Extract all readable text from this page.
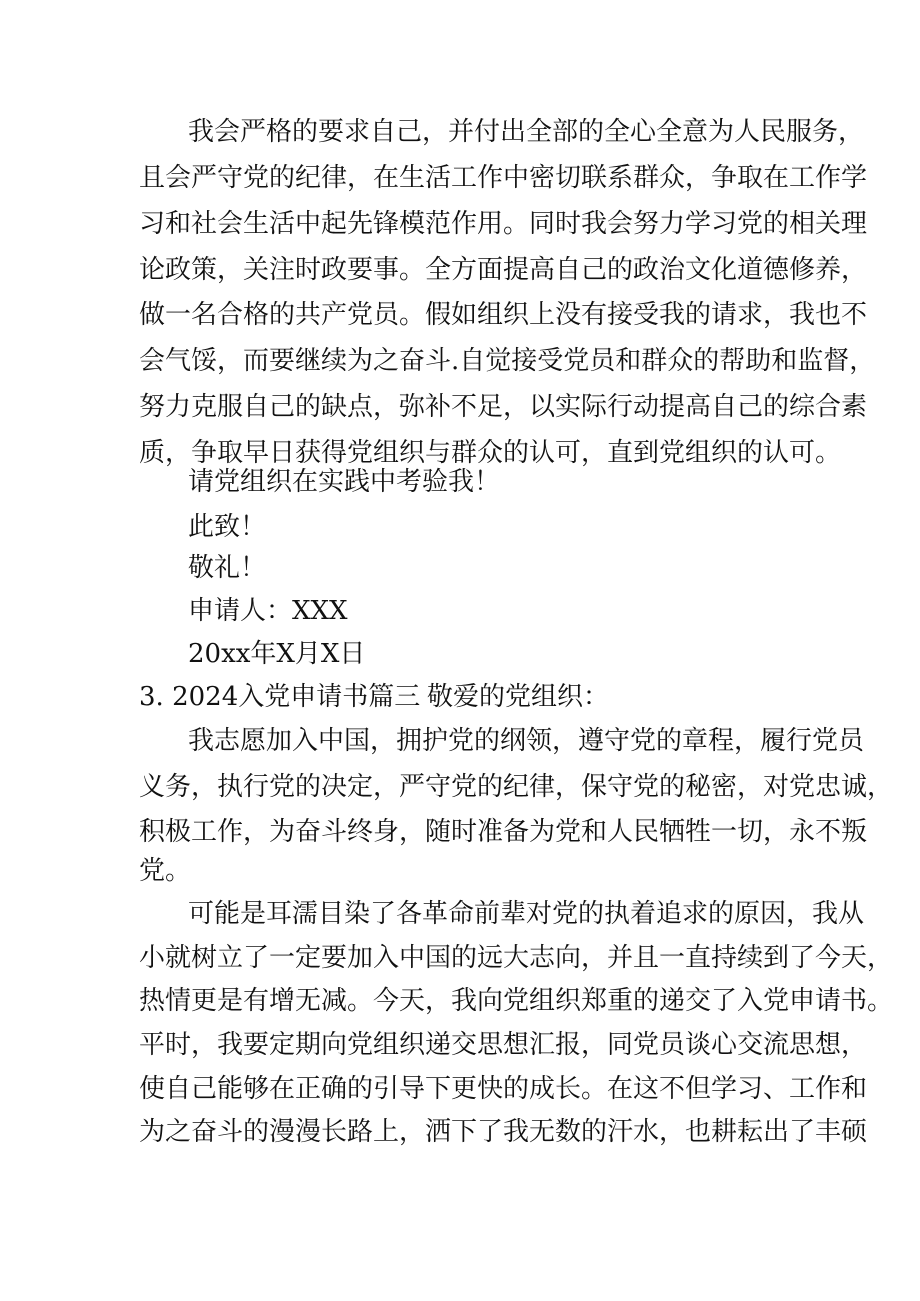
我会严格的要求自己，并付出全部的全心全意为人民服务，
且会严守党的纪律，在生活工作中密切联系群众，争取在工作学
习和社会生活中起先锋模范作用。同时我会努力学习党的相关理
论政策，关注时政要事。全方面提高自己的政治文化道德修养，
做一名合格的共产党员。假如组织上没有接受我的请求，我也不
会气馁，而要继续为之奋斗.自觉接受党员和群众的帮助和监督，
努力克服自己的缺点，弥补不足，以实际行动提高自己的综合素
质，争取早日获得党组织与群众的认可，直到党组织的认可。
请党组织在实践中考验我！
此致！
敬礼！
申请人：XXX
20xx年X月X日
3. 2024入党申请书篇三 敬爱的党组织：
我志愿加入中国，拥护党的纲领，遵守党的章程，履行党员
义务，执行党的决定，严守党的纪律，保守党的秘密，对党忠诚，
积极工作，为奋斗终身，随时准备为党和人民牺牲一切，永不叛
党。
可能是耳濡目染了各革命前辈对党的执着追求的原因，我从
小就树立了一定要加入中国的远大志向，并且一直持续到了今天，
热情更是有增无减。今天，我向党组织郑重的递交了入党申请书。
平时，我要定期向党组织递交思想汇报，同党员谈心交流思想，
使自己能够在正确的引导下更快的成长。在这不但学习、工作和
为之奋斗的漫漫长路上，洒下了我无数的汗水，也耕耘出了丰硕
